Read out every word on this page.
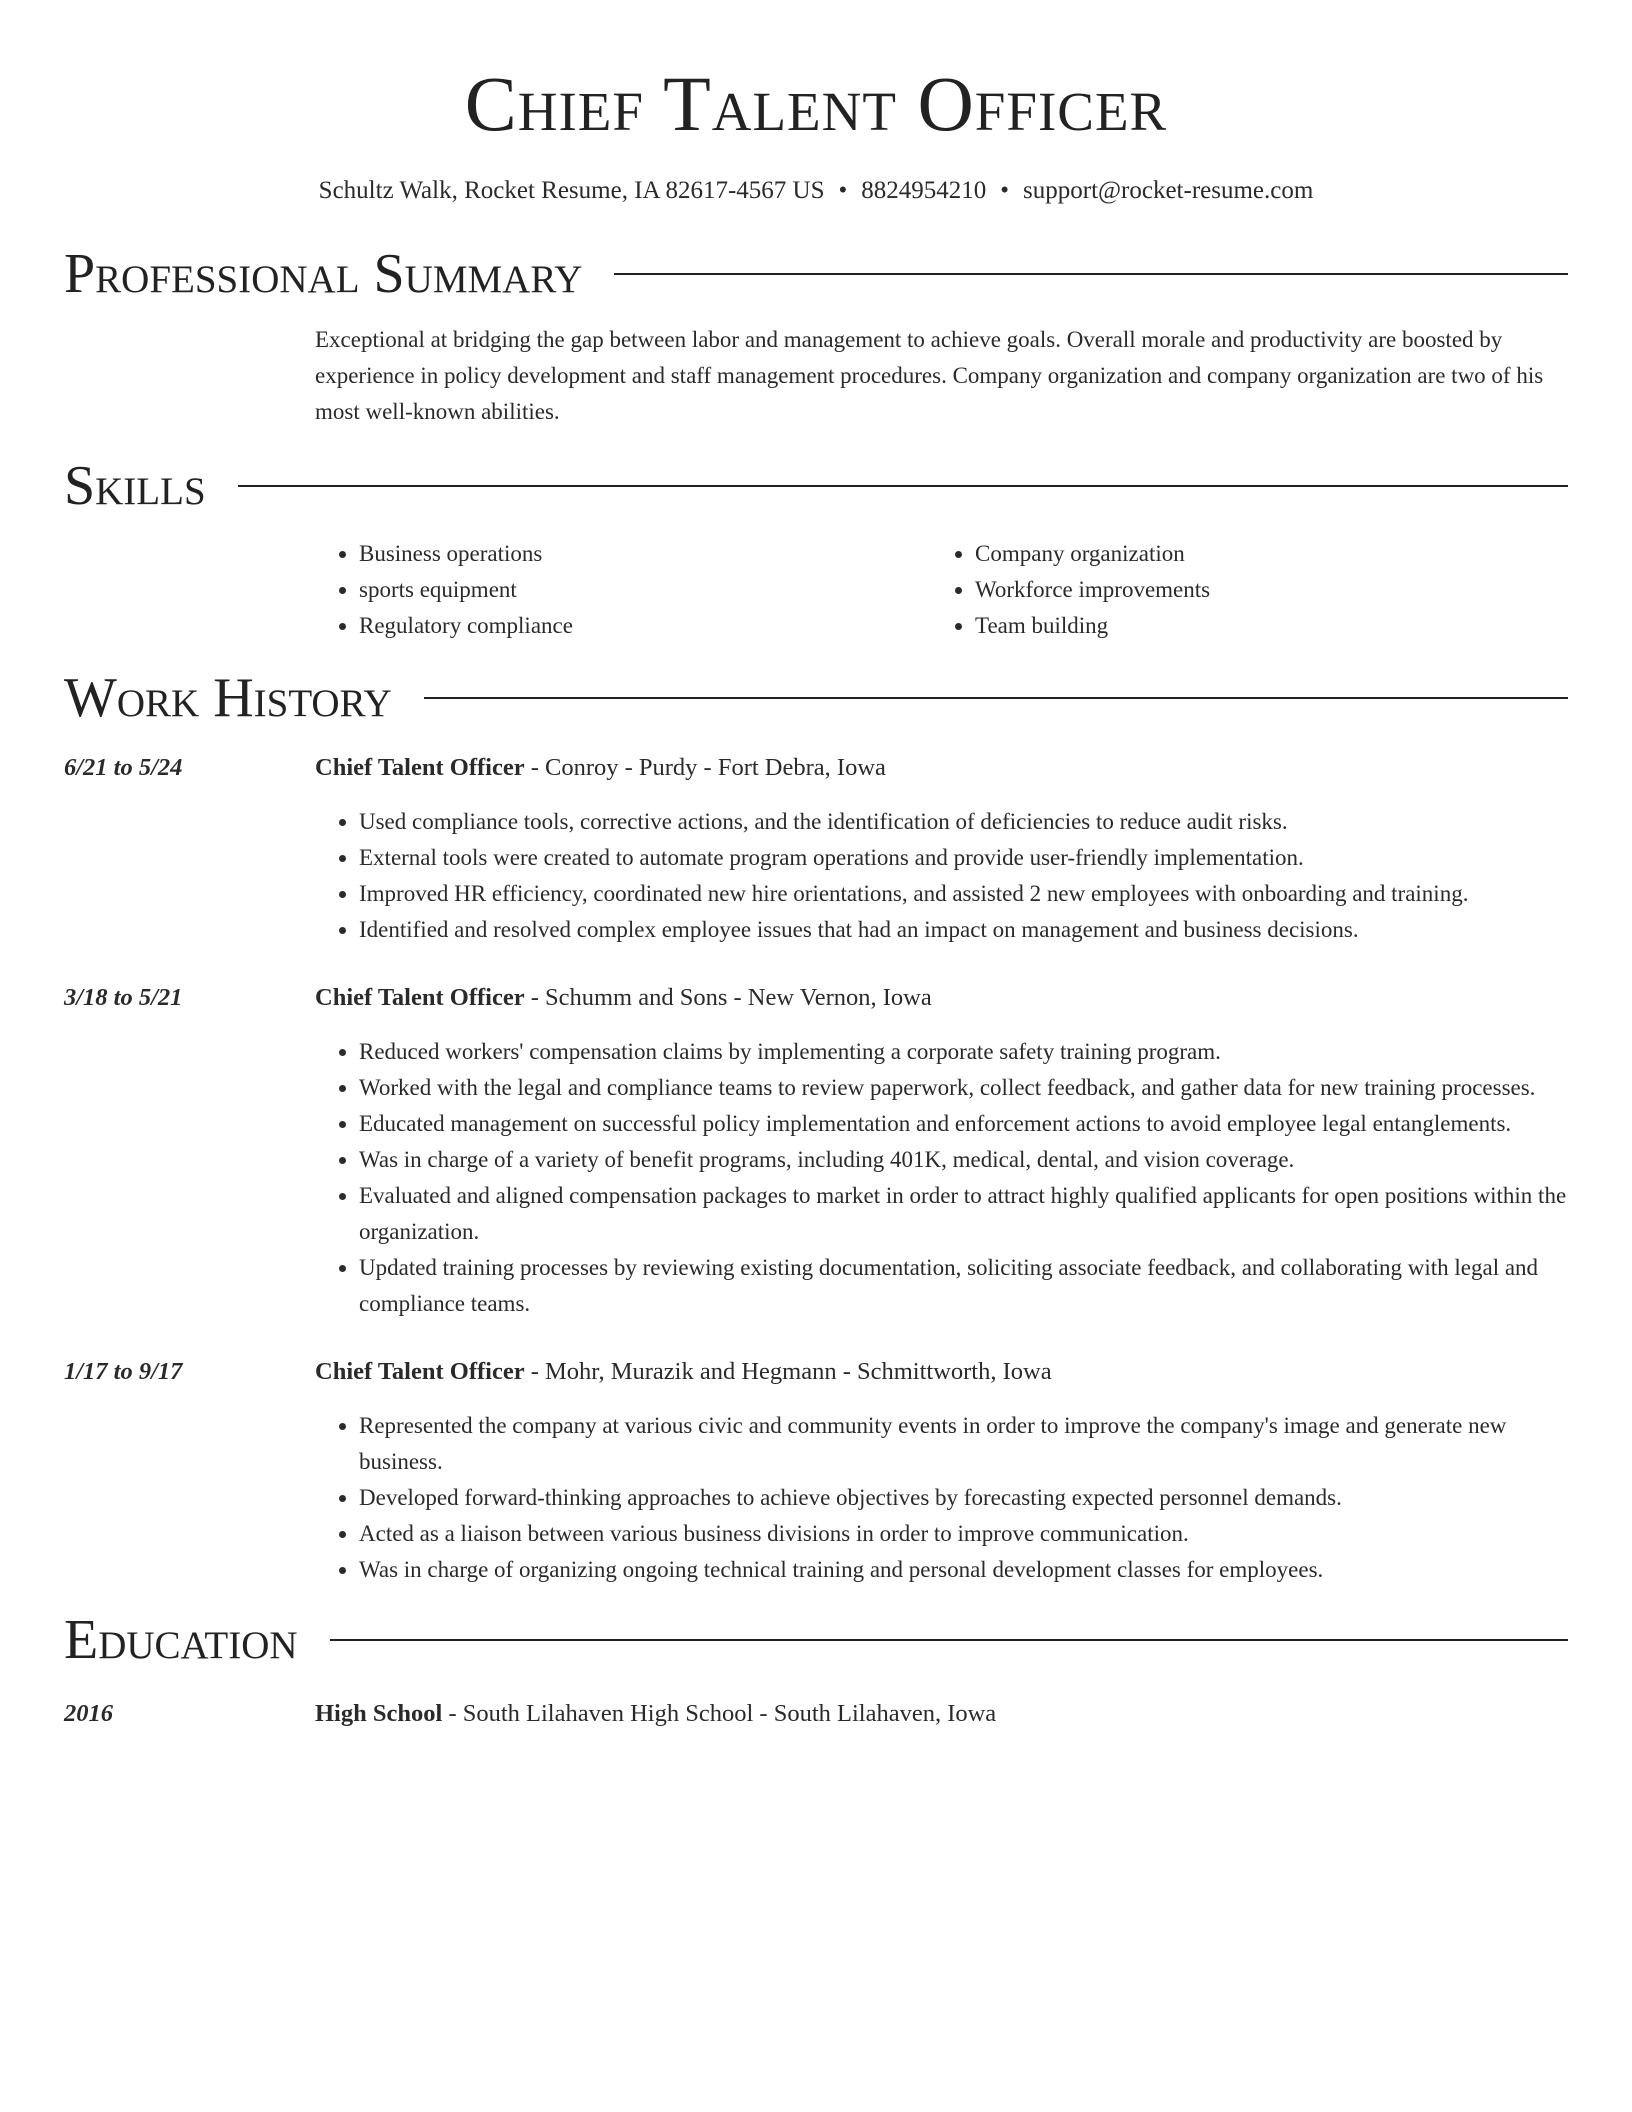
Chief Talent Officer
Schultz Walk, Rocket Resume, IA 82617-4567 US • 8824954210 • support@rocket-resume.com
Professional Summary
Exceptional at bridging the gap between labor and management to achieve goals. Overall morale and productivity are boosted by experience in policy development and staff management procedures. Company organization and company organization are two of his most well-known abilities.
Skills
• Business operations
• sports equipment
• Regulatory compliance
• Company organization
• Workforce improvements
• Team building
Work History
6/21 to 5/24	Chief Talent Officer - Conroy - Purdy - Fort Debra, Iowa
• Used compliance tools, corrective actions, and the identification of deficiencies to reduce audit risks.
• External tools were created to automate program operations and provide user-friendly implementation.
• Improved HR efficiency, coordinated new hire orientations, and assisted 2 new employees with onboarding and training.
• Identified and resolved complex employee issues that had an impact on management and business decisions.
3/18 to 5/21	Chief Talent Officer - Schumm and Sons - New Vernon, Iowa
• Reduced workers' compensation claims by implementing a corporate safety training program.
• Worked with the legal and compliance teams to review paperwork, collect feedback, and gather data for new training processes.
• Educated management on successful policy implementation and enforcement actions to avoid employee legal entanglements.
• Was in charge of a variety of benefit programs, including 401K, medical, dental, and vision coverage.
• Evaluated and aligned compensation packages to market in order to attract highly qualified applicants for open positions within the organization.
• Updated training processes by reviewing existing documentation, soliciting associate feedback, and collaborating with legal and compliance teams.
1/17 to 9/17	Chief Talent Officer - Mohr, Murazik and Hegmann - Schmittworth, Iowa
• Represented the company at various civic and community events in order to improve the company's image and generate new business.
• Developed forward-thinking approaches to achieve objectives by forecasting expected personnel demands.
• Acted as a liaison between various business divisions in order to improve communication.
• Was in charge of organizing ongoing technical training and personal development classes for employees.
Education
2016	High School - South Lilahaven High School - South Lilahaven, Iowa
